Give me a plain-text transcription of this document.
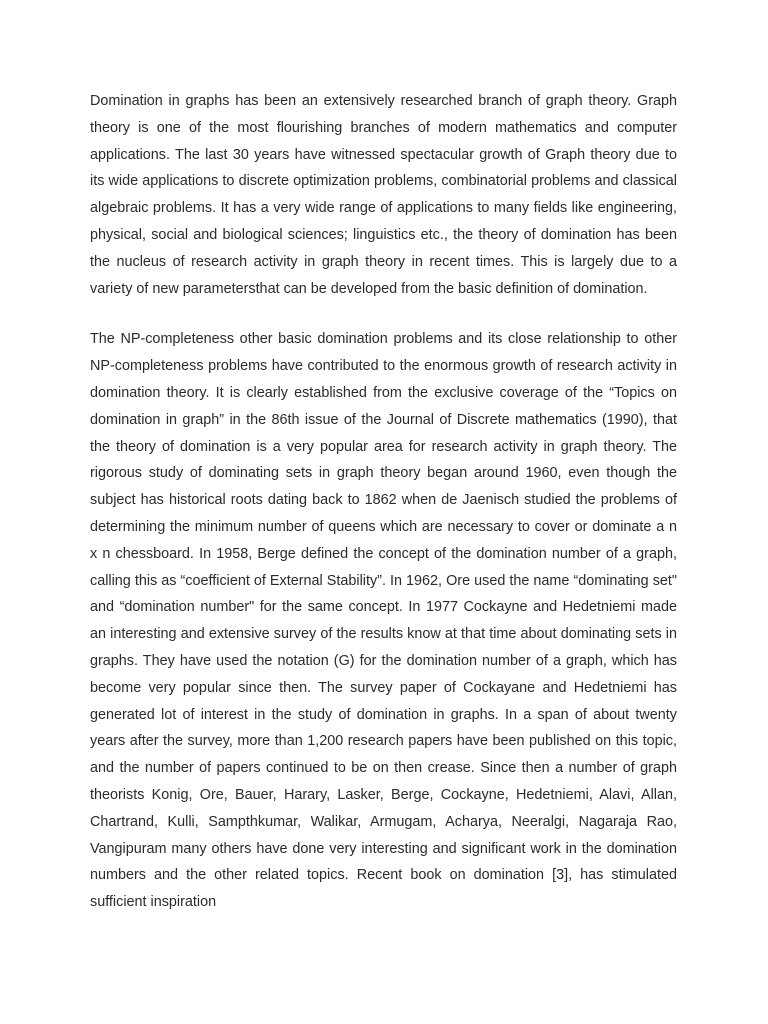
Domination in graphs has been an extensively researched branch of graph theory. Graph theory is one of the most flourishing branches of modern mathematics and computer applications. The last 30 years have witnessed spectacular growth of Graph theory due to its wide applications to discrete optimization problems, combinatorial problems and classical algebraic problems. It has a very wide range of applications to many fields like engineering, physical, social and biological sciences; linguistics etc., the theory of domination has been the nucleus of research activity in graph theory in recent times. This is largely due to a variety of new parametersthat can be developed from the basic definition of domination.

The NP-completeness other basic domination problems and its close relationship to other NP-completeness problems have contributed to the enormous growth of research activity in domination theory. It is clearly established from the exclusive coverage of the “Topics on domination in graph” in the 86th issue of the Journal of Discrete mathematics (1990), that the theory of domination is a very popular area for research activity in graph theory. The rigorous study of dominating sets in graph theory began around 1960, even though the subject has historical roots dating back to 1862 when de Jaenisch studied the problems of determining the minimum number of queens which are necessary to cover or dominate a n x n chessboard. In 1958, Berge defined the concept of the domination number of a graph, calling this as “coefficient of External Stability”. In 1962, Ore used the name “dominating set" and “domination number" for the same concept. In 1977 Cockayne and Hedetniemi made an interesting and extensive survey of the results know at that time about dominating sets in graphs. They have used the notation (G) for the domination number of a graph, which has become very popular since then. The survey paper of Cockayane and Hedetniemi has generated lot of interest in the study of domination in graphs. In a span of about twenty years after the survey, more than 1,200 research papers have been published on this topic, and the number of papers continued to be on then crease. Since then a number of graph theorists Konig, Ore, Bauer, Harary, Lasker, Berge, Cockayne, Hedetniemi, Alavi, Allan, Chartrand, Kulli, Sampthkumar, Walikar, Armugam, Acharya, Neeralgi, Nagaraja Rao, Vangipuram many others have done very interesting and significant work in the domination numbers and the other related topics. Recent book on domination [3], has stimulated sufficient inspiration
